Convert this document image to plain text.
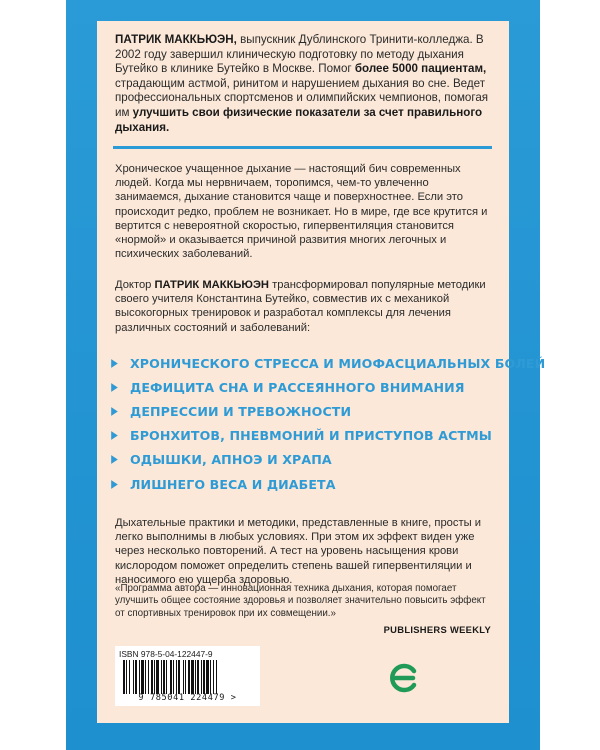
ПАТРИК МАККЬЮЭН, выпускник Дублинского Тринити-колледжа. В 2002 году завершил клиническую подготовку по методу дыхания Бутейко в клинике Бутейко в Москве. Помог более 5000 пациентам, страдающим астмой, ринитом и нарушением дыхания во сне. Ведет профессиональных спортсменов и олимпийских чемпионов, помогая им улучшить свои физические показатели за счет правильного дыхания.

Хроническое учащенное дыхание — настоящий бич современных людей. Когда мы нервничаем, торопимся, чем-то увлеченно занимаемся, дыхание становится чаще и поверхностнее. Если это происходит редко, проблем не возникает. Но в мире, где все крутится и вертится с невероятной скоростью, гипервентиляция становится «нормой» и оказывается причиной развития многих легочных и психических заболеваний.

Доктор ПАТРИК МАККЬЮЭН трансформировал популярные методики своего учителя Константина Бутейко, совместив их с механикой высокогорных тренировок и разработал комплексы для лечения различных состояний и заболеваний:

ХРОНИЧЕСКОГО СТРЕССА И МИОФАСЦИАЛЬНЫХ БОЛЕЙ
ДЕФИЦИТА СНА И РАССЕЯННОГО ВНИМАНИЯ
ДЕПРЕССИИ И ТРЕВОЖНОСТИ
БРОНХИТОВ, ПНЕВМОНИЙ И ПРИСТУПОВ АСТМЫ
ОДЫШКИ, АПНОЭ И ХРАПА
ЛИШНЕГО ВЕСА И ДИАБЕТА

Дыхательные практики и методики, представленные в книге, просты и легко выполнимы в любых условиях. При этом их эффект виден уже через несколько повторений. А тест на уровень насыщения крови кислородом поможет определить степень вашей гипервентиляции и наносимого ею ущерба здоровью.

«Программа автора — инновационная техника дыхания, которая помогает улучшить общее состояние здоровья и позволяет значительно повысить эффект от спортивных тренировок при их совмещении.»

PUBLISHERS WEEKLY
ISBN 978-5-04-122447-9
9 785041 224479 >
